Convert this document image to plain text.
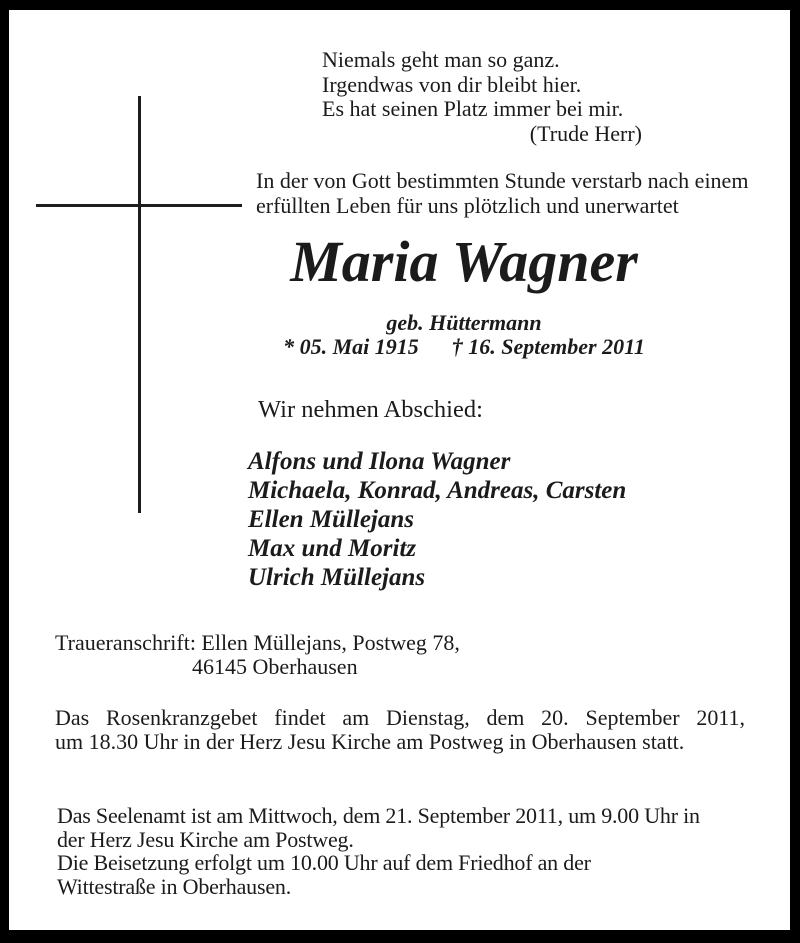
Niemals geht man so ganz.
Irgendwas von dir bleibt hier.
Es hat seinen Platz immer bei mir.
(Trude Herr)
In der von Gott bestimmten Stunde verstarb nach einem
erfüllten Leben für uns plötzlich und unerwartet
Maria Wagner
geb. Hüttermann
* 05. Mai 1915 † 16. September 2011
Wir nehmen Abschied:
Alfons und Ilona Wagner
Michaela, Konrad, Andreas, Carsten
Ellen Müllejans
Max und Moritz
Ulrich Müllejans
Traueranschrift: Ellen Müllejans, Postweg 78,
46145 Oberhausen
Das Rosenkranzgebet findet am Dienstag, dem 20. September 2011,
um 18.30 Uhr in der Herz Jesu Kirche am Postweg in Oberhausen statt.
Das Seelenamt ist am Mittwoch, dem 21. September 2011, um 9.00 Uhr in
der Herz Jesu Kirche am Postweg.
Die Beisetzung erfolgt um 10.00 Uhr auf dem Friedhof an der
Wittestraße in Oberhausen.
